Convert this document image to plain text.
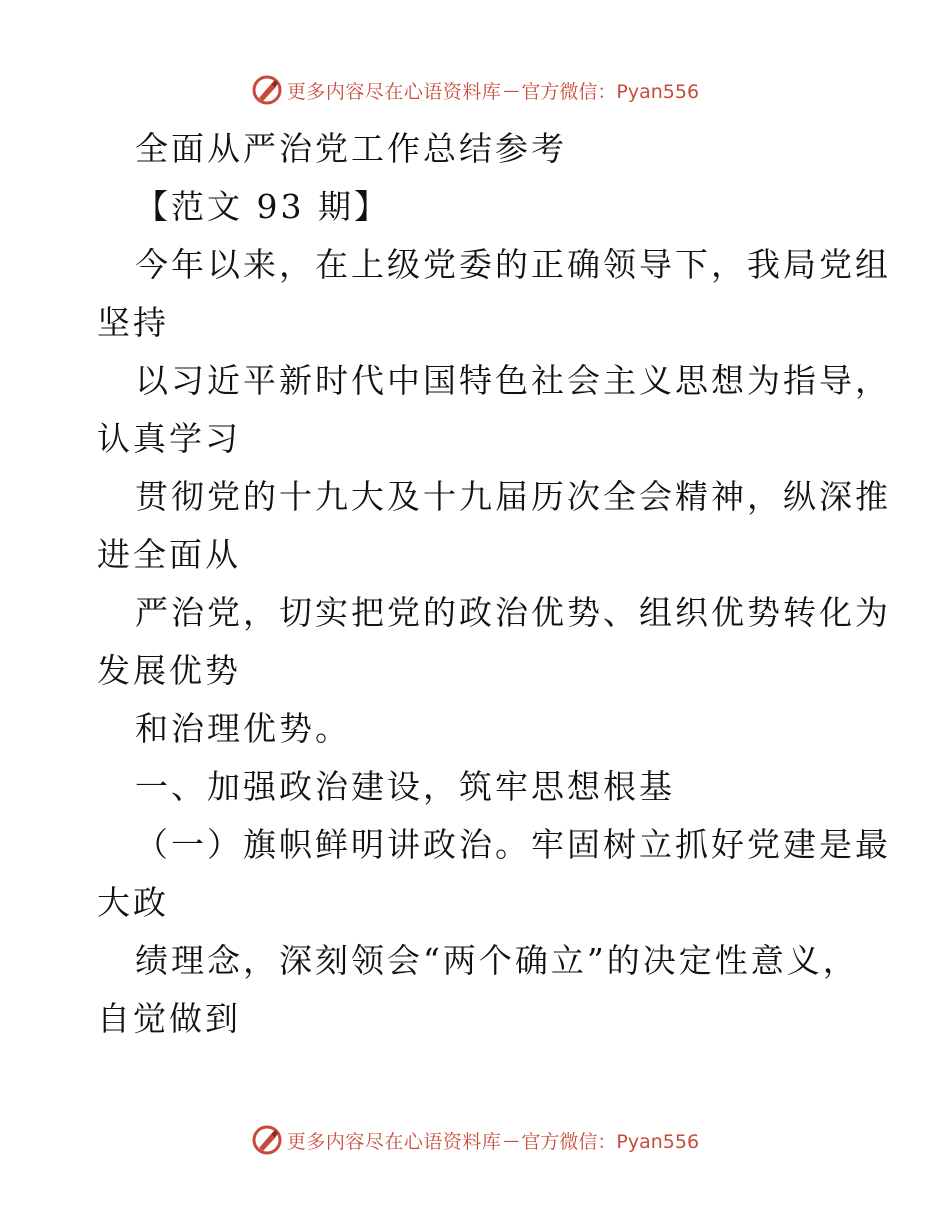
更多内容尽在心语资料库 — 官方微信：Pyan556
全面从严治党工作总结参考
【范文 93 期】
今年以来，在上级党委的正确领导下，我局党组
坚持
以习近平新时代中国特色社会主义思想为指导，
认真学习
贯彻党的十九大及十九届历次全会精神，纵深推
进全面从
严治党，切实把党的政治优势、组织优势转化为
发展优势
和治理优势。
一、加强政治建设，筑牢思想根基
（一）旗帜鲜明讲政治。牢固树立抓好党建是最
大政
绩理念，深刻领会“两个确立”的决定性意义，
自觉做到
更多内容尽在心语资料库 — 官方微信：Pyan556
